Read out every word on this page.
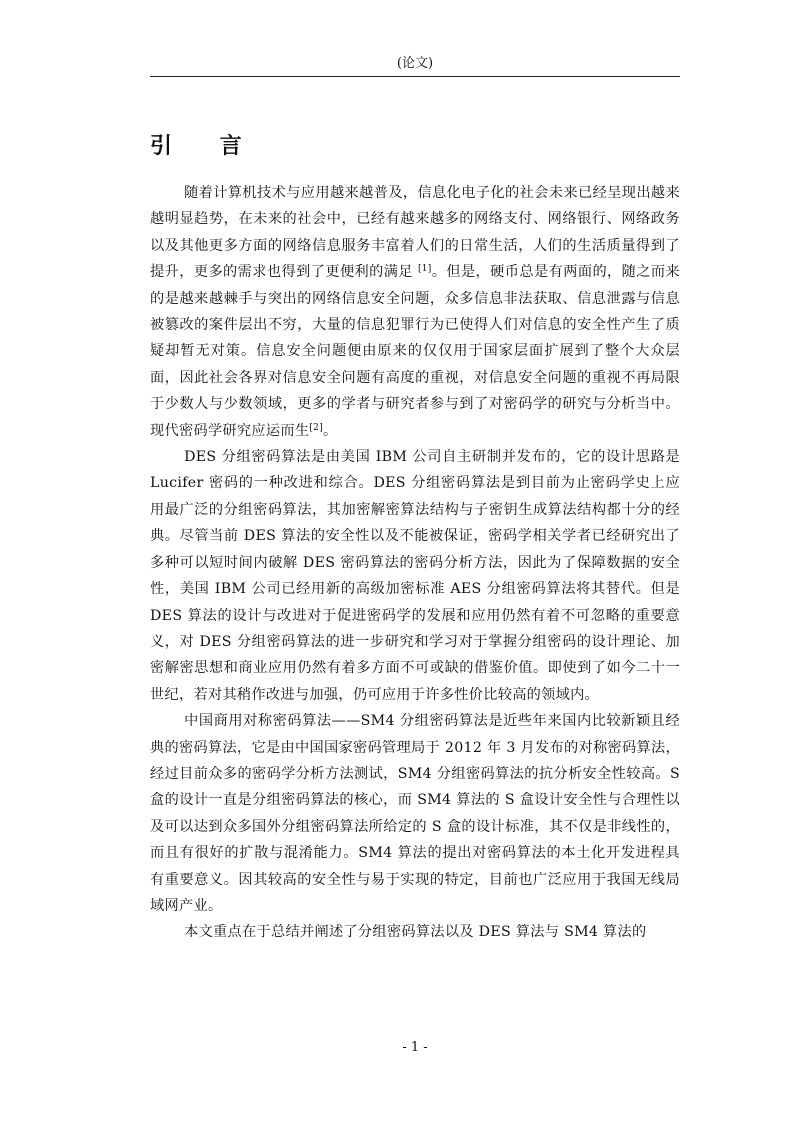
(论文)
引 言

随着计算机技术与应用越来越普及，信息化电子化的社会未来已经呈现出越来越明显趋势，在未来的社会中，已经有越来越多的网络支付、网络银行、网络政务以及其他更多方面的网络信息服务丰富着人们的日常生活，人们的生活质量得到了提升，更多的需求也得到了更便利的满足 [1]。但是，硬币总是有两面的，随之而来的是越来越棘手与突出的网络信息安全问题，众多信息非法获取、信息泄露与信息被篡改的案件层出不穷，大量的信息犯罪行为已使得人们对信息的安全性产生了质疑却暂无对策。信息安全问题便由原来的仅仅用于国家层面扩展到了整个大众层面，因此社会各界对信息安全问题有高度的重视，对信息安全问题的重视不再局限于少数人与少数领域，更多的学者与研究者参与到了对密码学的研究与分析当中。现代密码学研究应运而生[2]。

DES 分组密码算法是由美国 IBM 公司自主研制并发布的，它的设计思路是 Lucifer 密码的一种改进和综合。DES 分组密码算法是到目前为止密码学史上应用最广泛的分组密码算法，其加密解密算法结构与子密钥生成算法结构都十分的经典。尽管当前 DES 算法的安全性以及不能被保证，密码学相关学者已经研究出了多种可以短时间内破解 DES 密码算法的密码分析方法，因此为了保障数据的安全性，美国 IBM 公司已经用新的高级加密标准 AES 分组密码算法将其替代。但是 DES 算法的设计与改进对于促进密码学的发展和应用仍然有着不可忽略的重要意义，对 DES 分组密码算法的进一步研究和学习对于掌握分组密码的设计理论、加密解密思想和商业应用仍然有着多方面不可或缺的借鉴价值。即使到了如今二十一世纪，若对其稍作改进与加强，仍可应用于许多性价比较高的领域内。

中国商用对称密码算法——SM4 分组密码算法是近些年来国内比较新颖且经典的密码算法，它是由中国国家密码管理局于 2012 年 3 月发布的对称密码算法，经过目前众多的密码学分析方法测试，SM4 分组密码算法的抗分析安全性较高。S 盒的设计一直是分组密码算法的核心，而 SM4 算法的 S 盒设计安全性与合理性以及可以达到众多国外分组密码算法所给定的 S 盒的设计标准，其不仅是非线性的，而且有很好的扩散与混淆能力。SM4 算法的提出对密码算法的本土化开发进程具有重要意义。因其较高的安全性与易于实现的特定，目前也广泛应用于我国无线局域网产业。

本文重点在于总结并阐述了分组密码算法以及 DES 算法与 SM4 算法的

- 1 -
